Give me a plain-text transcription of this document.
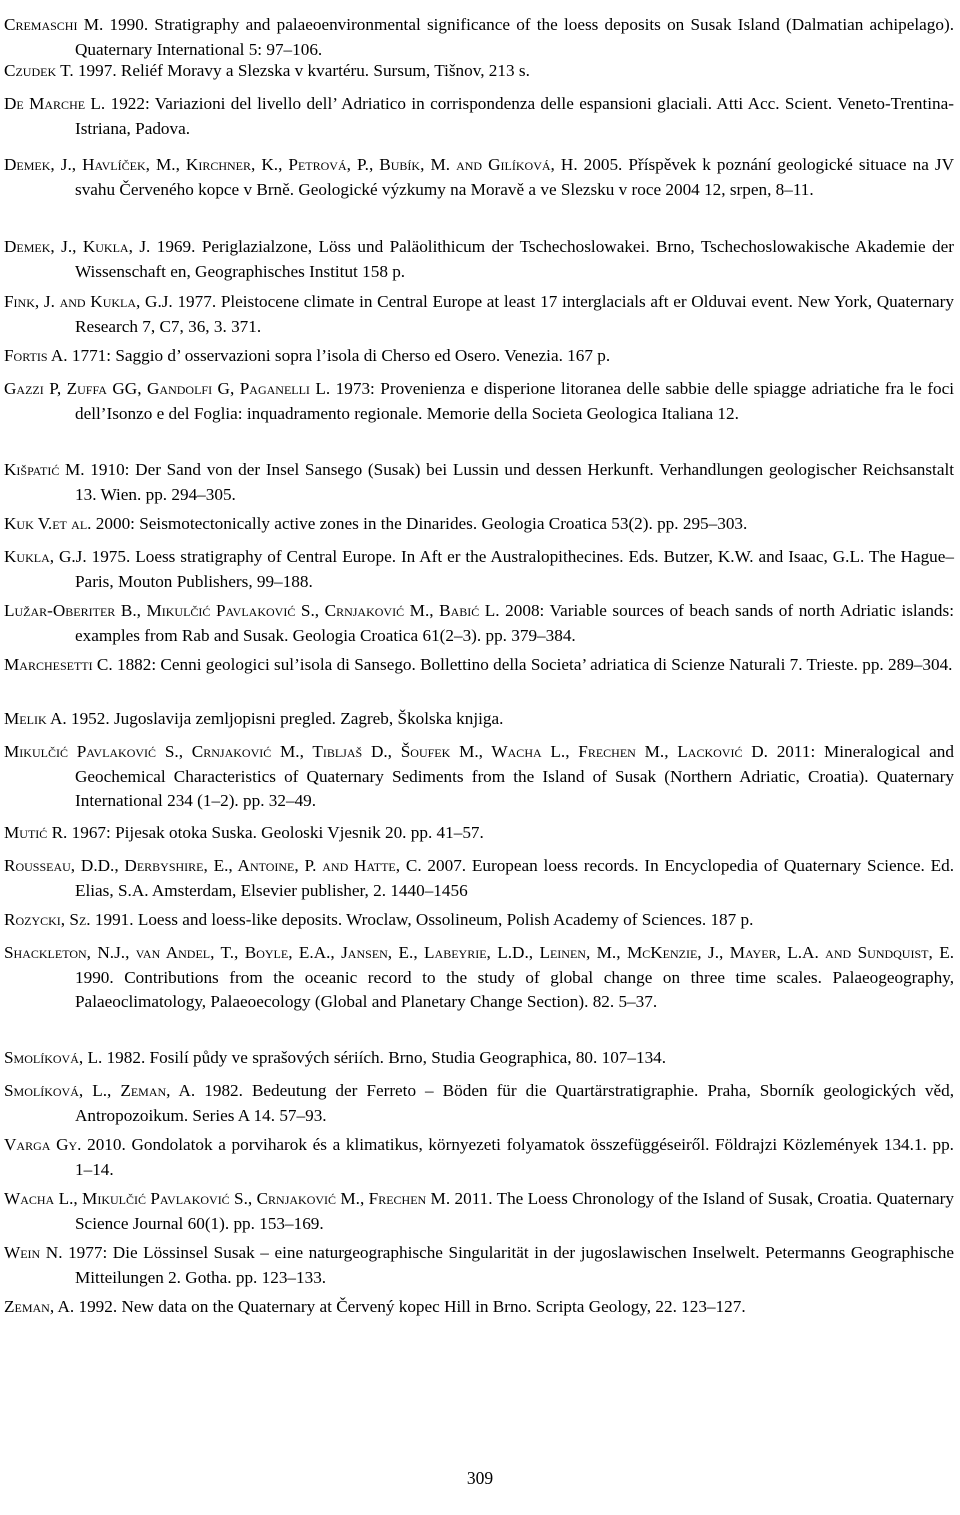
Cremaschi M. 1990. Stratigraphy and palaeoenvironmental significance of the loess deposits on Susak Island (Dalmatian achipelago). Quaternary International 5: 97–106.

Czudek T. 1997. Reliéf Moravy a Slezska v kvartéru. Sursum, Tišnov, 213 s.

De Marche L. 1922: Variazioni del livello dell’ Adriatico in corrispondenza delle espansioni glaciali. Atti Acc. Scient. Veneto-Trentina-Istriana, Padova.

Demek, J., Havlíček, M., Kirchner, K., Petrová, P., Bubík, M. and Gilíková, H. 2005. Příspěvek k poznání geologické situace na JV svahu Červeného kopce v Brně. Geologické výzkumy na Moravě a ve Slezsku v roce 2004 12, srpen, 8–11.

Demek, J., Kukla, J. 1969. Periglazialzone, Löss und Paläolithicum der Tschechoslowakei. Brno, Tschechoslowakische Akademie der Wissenschaft en, Geographisches Institut 158 p.

Fink, J. and Kukla, G.J. 1977. Pleistocene climate in Central Europe at least 17 interglacials aft er Olduvai event. New York, Quaternary Research 7, C7, 36, 3. 371.

Fortis A. 1771: Saggio d’ osservazioni sopra l’isola di Cherso ed Osero. Venezia. 167 p.

Gazzi P, Zuffa GG, Gandolfi G, Paganelli L. 1973: Provenienza e disperione litoranea delle sabbie delle spiagge adriatiche fra le foci dell’Isonzo e del Foglia: inquadramento regionale. Memorie della Societa Geologica Italiana 12.

Kišpatić M. 1910: Der Sand von der Insel Sansego (Susak) bei Lussin und dessen Herkunft. Verhandlungen geologischer Reichsanstalt 13. Wien. pp. 294–305.

Kuk V.et al. 2000: Seismotectonically active zones in the Dinarides. Geologia Croatica 53(2). pp. 295–303.

Kukla, G.J. 1975. Loess stratigraphy of Central Europe. In Aft er the Australopithecines. Eds. Butzer, K.W. and Isaac, G.L. The Hague–Paris, Mouton Publishers, 99–188.

Lužar-Oberiter B., Mikulčić Pavlaković S., Crnjaković M., Babić L. 2008: Variable sources of beach sands of north Adriatic islands: examples from Rab and Susak. Geologia Croatica 61(2–3). pp. 379–384.

Marchesetti C. 1882: Cenni geologici sul’isola di Sansego. Bollettino della Societa’ adriatica di Scienze Naturali 7. Trieste. pp. 289–304.

Melik A. 1952. Jugoslavija zemljopisni pregled. Zagreb, Školska knjiga.

Mikulčić Pavlaković S., Crnjaković M., Tibljaš D., Šoufek M., Wacha L., Frechen M., Lacković D. 2011: Mineralogical and Geochemical Characteristics of Quaternary Sediments from the Island of Susak (Northern Adriatic, Croatia). Quaternary International 234 (1–2). pp. 32–49.

Mutić R. 1967: Pijesak otoka Suska. Geoloski Vjesnik 20. pp. 41–57.

Rousseau, D.D., Derbyshire, E., Antoine, P. and Hatte, C. 2007. European loess records. In Encyclopedia of Quaternary Science. Ed. Elias, S.A. Amsterdam, Elsevier publisher, 2. 1440–1456

Rozycki, Sz. 1991. Loess and loess-like deposits. Wroclaw, Ossolineum, Polish Academy of Sciences. 187 p.

Shackleton, N.J., van Andel, T., Boyle, E.A., Jansen, E., Labeyrie, L.D., Leinen, M., McKenzie, J., Mayer, L.A. and Sundquist, E. 1990. Contributions from the oceanic record to the study of global change on three time scales. Palaeogeography, Palaeoclimatology, Palaeoecology (Global and Planetary Change Section). 82. 5–37.

Smolíková, L. 1982. Fosilí půdy ve sprašových sériích. Brno, Studia Geographica, 80. 107–134.

Smolíková, L., Zeman, A. 1982. Bedeutung der Ferreto – Böden für die Quartärstratigraphie. Praha, Sborník geologických věd, Antropozoikum. Series A 14. 57–93.

Varga Gy. 2010. Gondolatok a porviharok és a klimatikus, környezeti folyamatok összefüggéseiről. Földrajzi Közlemények 134.1. pp. 1–14.

Wacha L., Mikulčić Pavlaković S., Crnjaković M., Frechen M. 2011. The Loess Chronology of the Island of Susak, Croatia. Quaternary Science Journal 60(1). pp. 153–169.

Wein N. 1977: Die Lössinsel Susak – eine naturgeographische Singularität in der jugoslawischen Inselwelt. Petermanns Geographische Mitteilungen 2. Gotha. pp. 123–133.

Zeman, A. 1992. New data on the Quaternary at Červený kopec Hill in Brno. Scripta Geology, 22. 123–127.

309
